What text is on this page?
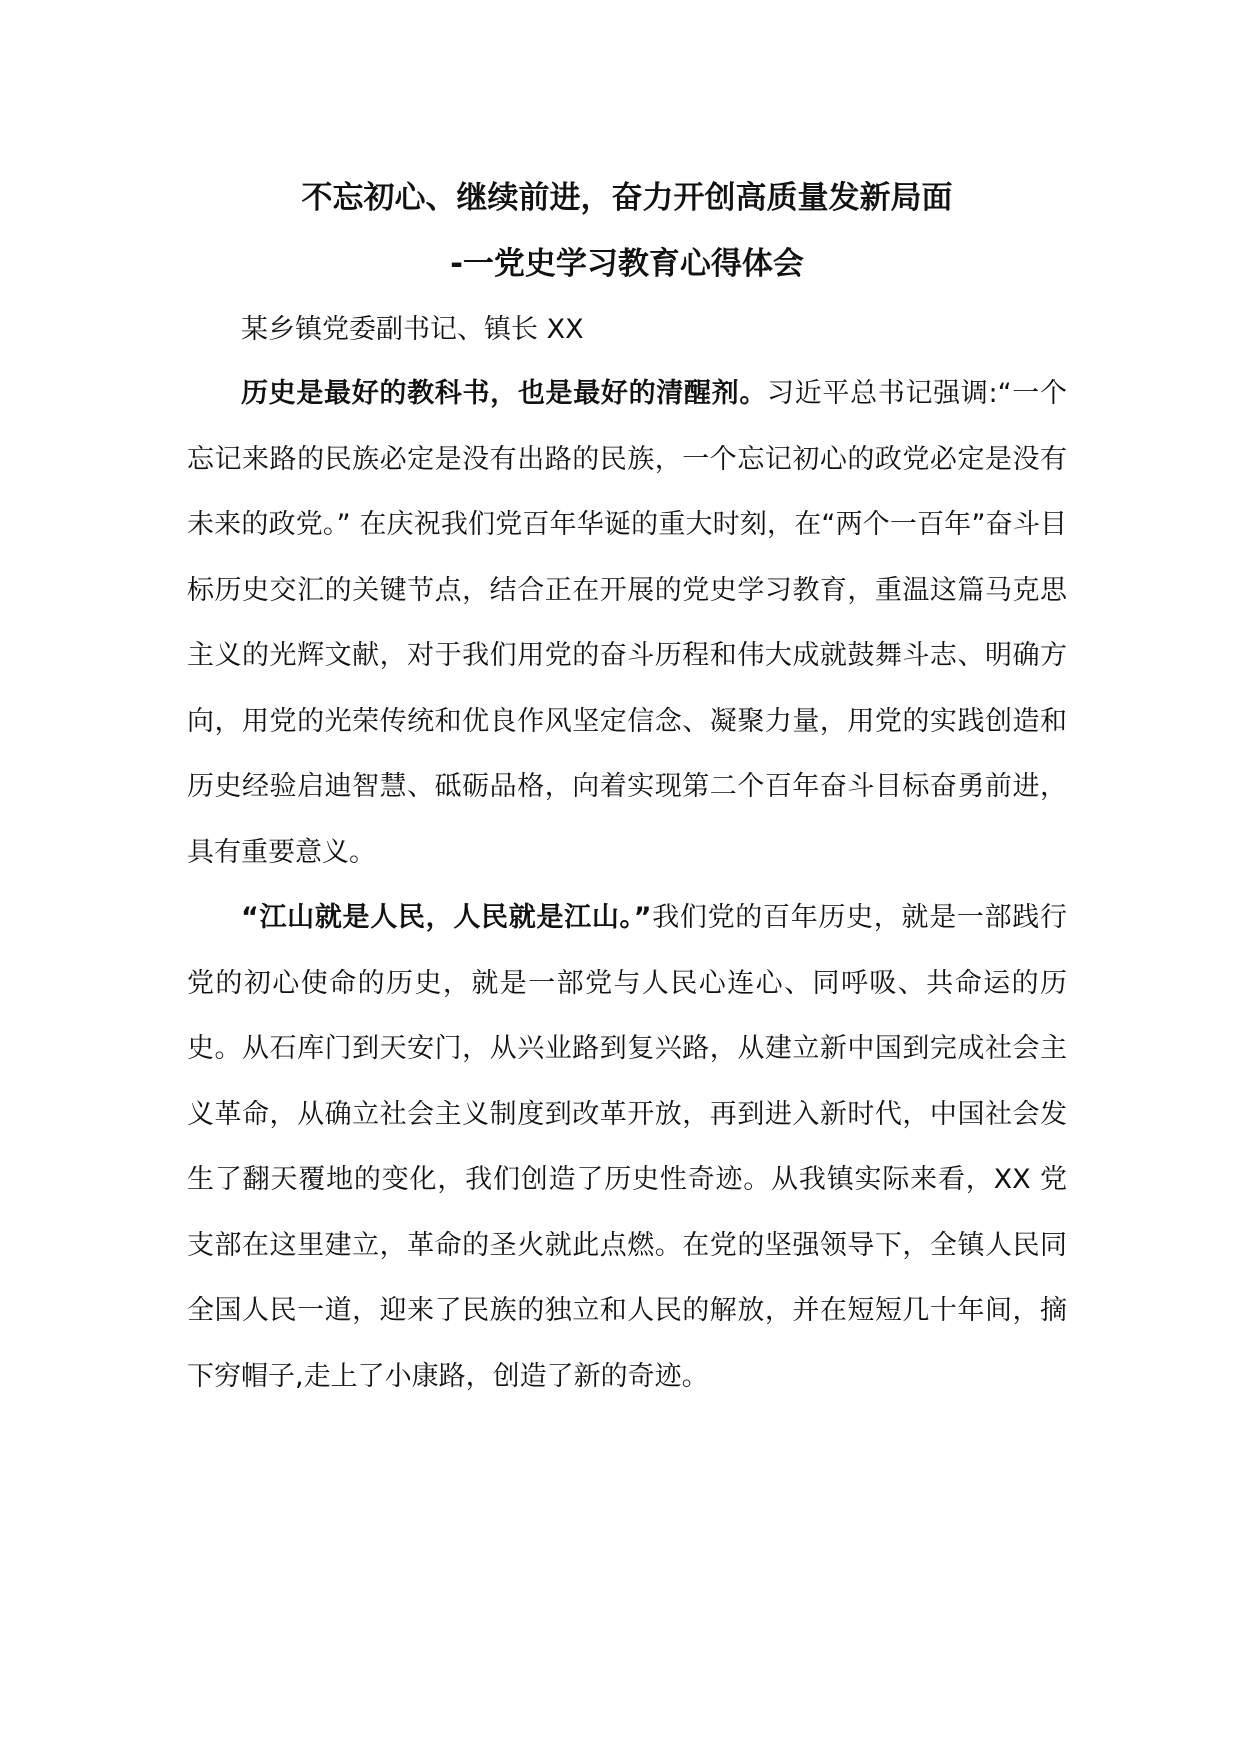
不忘初心、继续前进，奋力开创高质量发新局面
-一党史学习教育心得体会

某乡镇党委副书记、镇长 XX

历史是最好的教科书，也是最好的清醒剂。习近平总书记强调:“一个忘记来路的民族必定是没有出路的民族，一个忘记初心的政党必定是没有未来的政党。” 在庆祝我们党百年华诞的重大时刻，在“两个一百年”奋斗目标历史交汇的关键节点，结合正在开展的党史学习教育，重温这篇马克思主义的光辉文献，对于我们用党的奋斗历程和伟大成就鼓舞斗志、明确方向，用党的光荣传统和优良作风坚定信念、凝聚力量，用党的实践创造和历史经验启迪智慧、砥砺品格，向着实现第二个百年奋斗目标奋勇前进，具有重要意义。

“江山就是人民，人民就是江山。”我们党的百年历史，就是一部践行党的初心使命的历史，就是一部党与人民心连心、同呼吸、共命运的历史。从石库门到天安门，从兴业路到复兴路，从建立新中国到完成社会主义革命，从确立社会主义制度到改革开放，再到进入新时代，中国社会发生了翻天覆地的变化，我们创造了历史性奇迹。从我镇实际来看，XX 党支部在这里建立，革命的圣火就此点燃。在党的坚强领导下，全镇人民同全国人民一道，迎来了民族的独立和人民的解放，并在短短几十年间，摘下穷帽子,走上了小康路，创造了新的奇迹。
